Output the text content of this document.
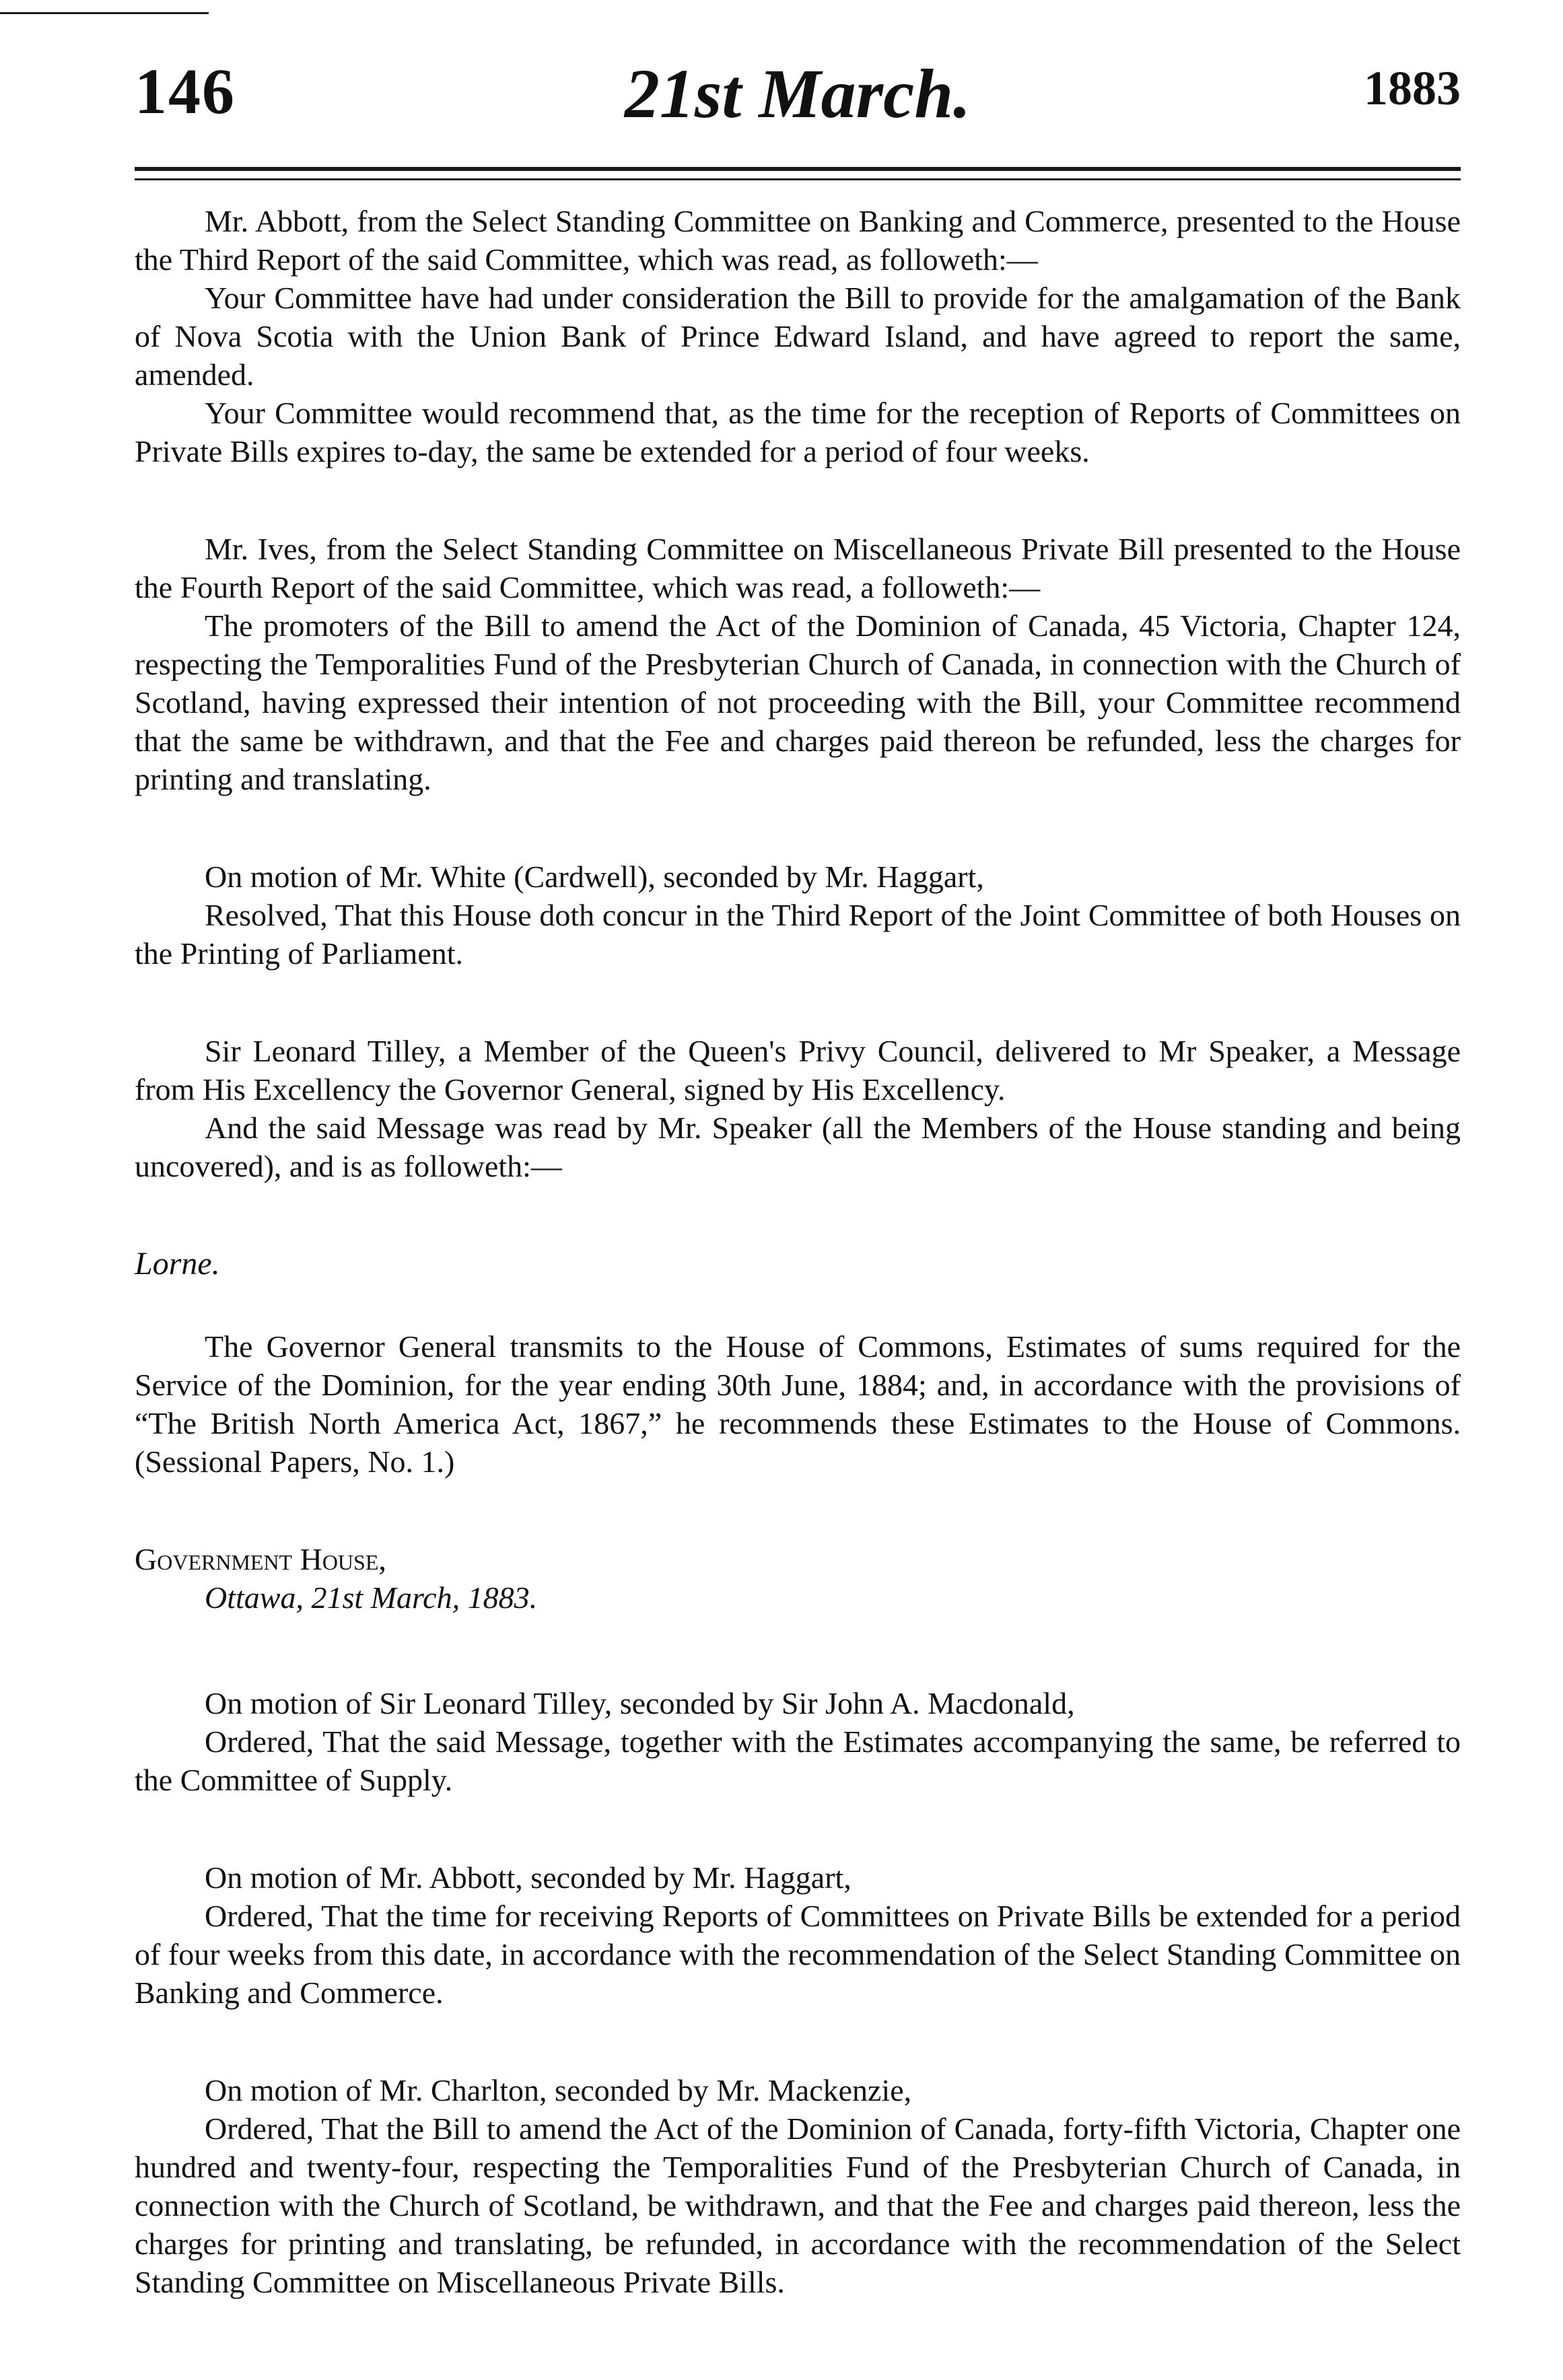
146	21st March.	1883

Mr. Abbott, from the Select Standing Committee on Banking and Commerce, presented to the House the Third Report of the said Committee, which was read, as followeth:—

Your Committee have had under consideration the Bill to provide for the amalgamation of the Bank of Nova Scotia with the Union Bank of Prince Edward Island, and have agreed to report the same, amended.

Your Committee would recommend that, as the time for the reception of Reports of Committees on Private Bills expires to-day, the same be extended for a period of four weeks.

Mr. Ives, from the Select Standing Committee on Miscellaneous Private Bill presented to the House the Fourth Report of the said Committee, which was read, a followeth:—

The promoters of the Bill to amend the Act of the Dominion of Canada, 45 Victoria, Chapter 124, respecting the Temporalities Fund of the Presbyterian Church of Canada, in connection with the Church of Scotland, having expressed their intention of not proceeding with the Bill, your Committee recommend that the same be withdrawn, and that the Fee and charges paid thereon be refunded, less the charges for printing and translating.

On motion of Mr. White (Cardwell), seconded by Mr. Haggart,

Resolved, That this House doth concur in the Third Report of the Joint Committee of both Houses on the Printing of Parliament.

Sir Leonard Tilley, a Member of the Queen's Privy Council, delivered to Mr Speaker, a Message from His Excellency the Governor General, signed by His Excellency.

And the said Message was read by Mr. Speaker (all the Members of the House standing and being uncovered), and is as followeth:—

Lorne.

The Governor General transmits to the House of Commons, Estimates of sums required for the Service of the Dominion, for the year ending 30th June, 1884; and, in accordance with the provisions of “The British North America Act, 1867,” he recommends these Estimates to the House of Commons. (Sessional Papers, No. 1.)

Government House,
Ottawa, 21st March, 1883.

On motion of Sir Leonard Tilley, seconded by Sir John A. Macdonald,

Ordered, That the said Message, together with the Estimates accompanying the same, be referred to the Committee of Supply.

On motion of Mr. Abbott, seconded by Mr. Haggart,

Ordered, That the time for receiving Reports of Committees on Private Bills be extended for a period of four weeks from this date, in accordance with the recommendation of the Select Standing Committee on Banking and Commerce.

On motion of Mr. Charlton, seconded by Mr. Mackenzie,

Ordered, That the Bill to amend the Act of the Dominion of Canada, forty-fifth Victoria, Chapter one hundred and twenty-four, respecting the Temporalities Fund of the Presbyterian Church of Canada, in connection with the Church of Scotland, be withdrawn, and that the Fee and charges paid thereon, less the charges for printing and translating, be refunded, in accordance with the recommendation of the Select Standing Committee on Miscellaneous Private Bills.
